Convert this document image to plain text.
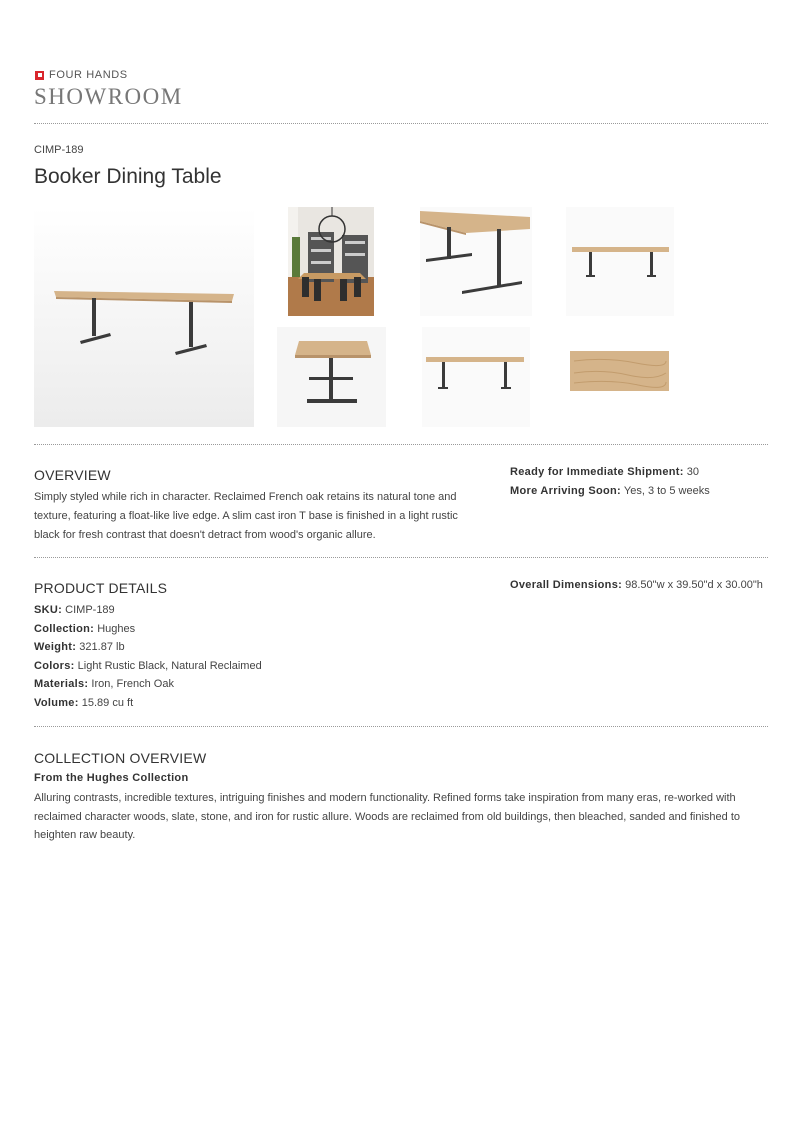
FOUR HANDS
SHOWROOM
CIMP-189
Booker Dining Table
OVERVIEW
Simply styled while rich in character. Reclaimed French oak retains its natural tone and
texture, featuring a float-like live edge. A slim cast iron T base is finished in a light rustic
black for fresh contrast that doesn't detract from wood's organic allure.
Ready for Immediate Shipment: 30
More Arriving Soon: Yes, 3 to 5 weeks
PRODUCT DETAILS
SKU: CIMP-189
Collection: Hughes
Weight: 321.87 lb
Colors: Light Rustic Black, Natural Reclaimed
Materials: Iron, French Oak
Volume: 15.89 cu ft
Overall Dimensions: 98.50"w x 39.50"d x 30.00"h
COLLECTION OVERVIEW
From the Hughes Collection
Alluring contrasts, incredible textures, intriguing finishes and modern functionality. Refined forms take inspiration from many eras, re-worked with
reclaimed character woods, slate, stone, and iron for rustic allure. Woods are reclaimed from old buildings, then bleached, sanded and finished to
heighten raw beauty.
